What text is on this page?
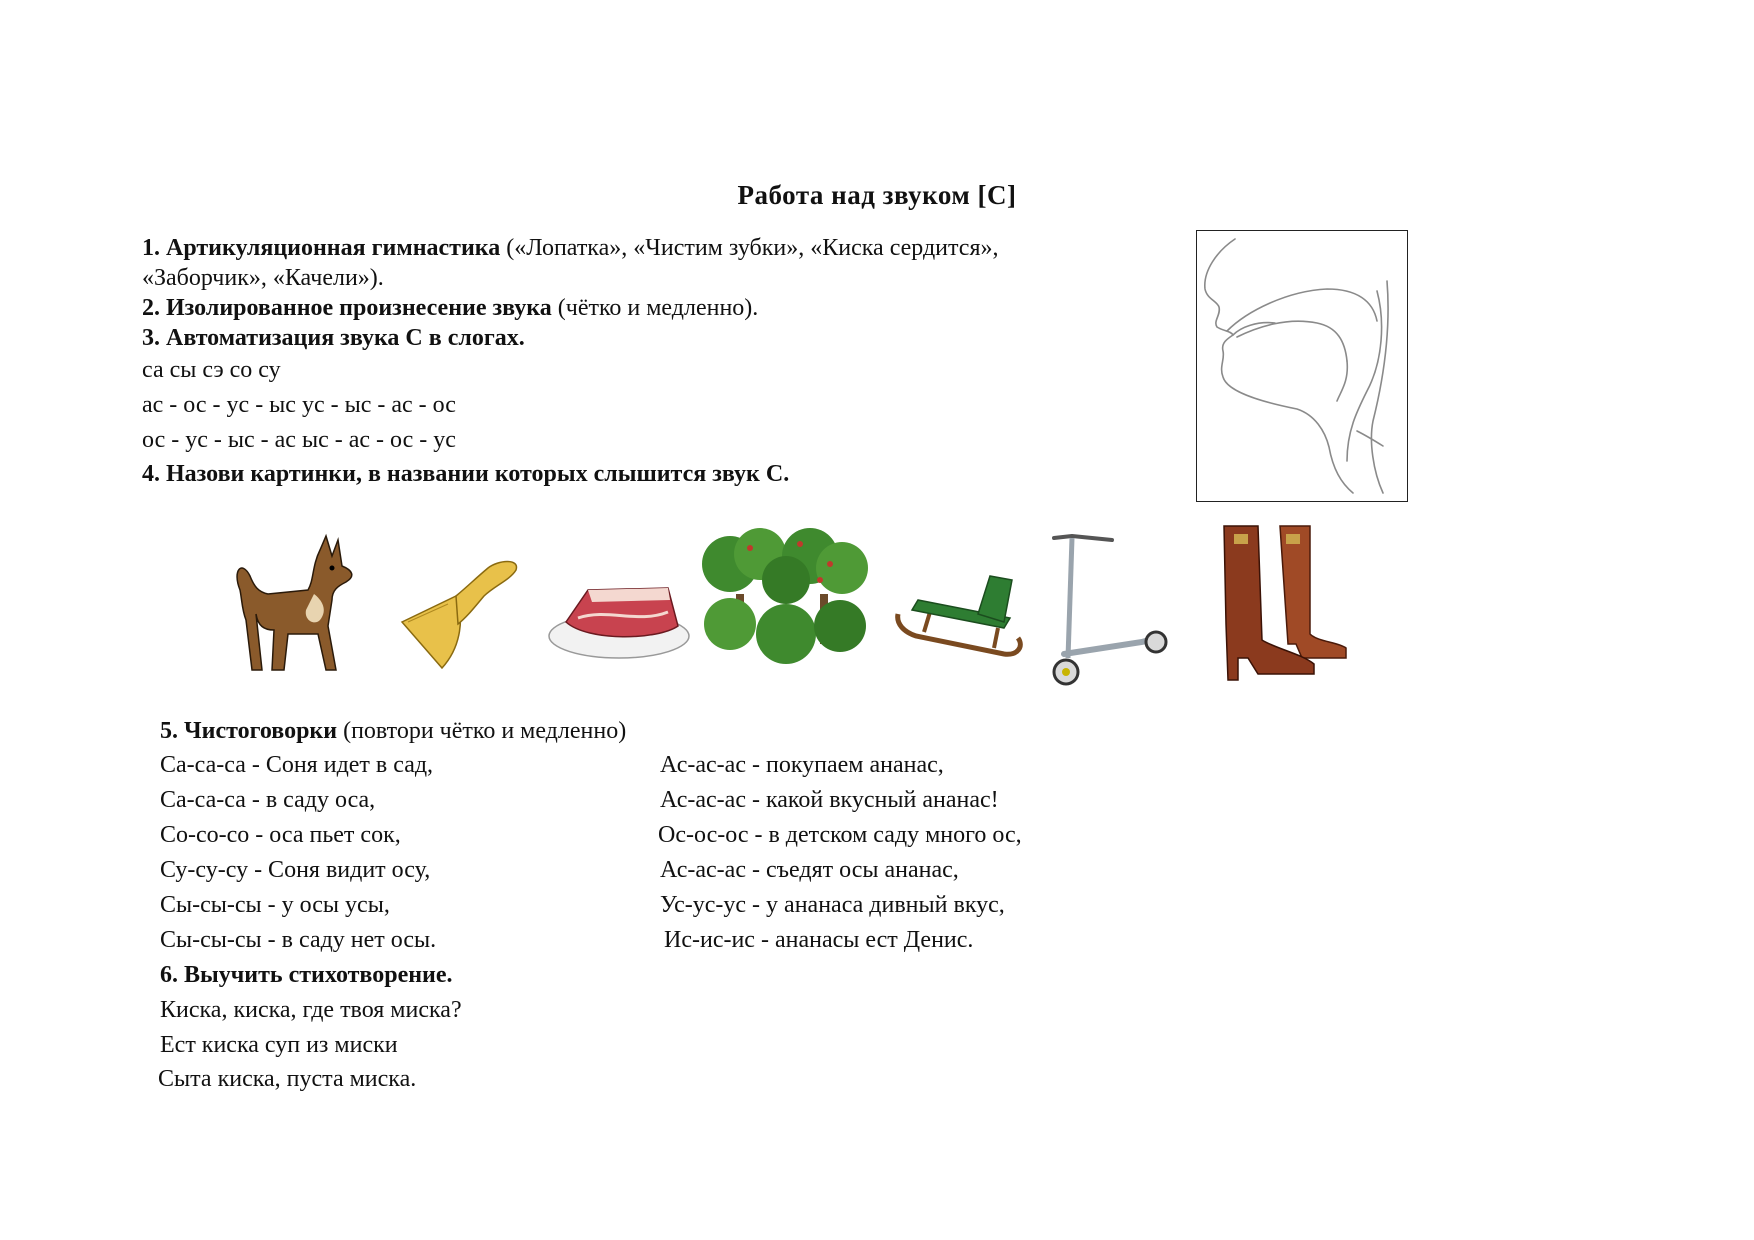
Работа над звуком [С]
1. Артикуляционная гимнастика («Лопатка», «Чистим зубки», «Киска сердится»,
«Заборчик», «Качели»).
2. Изолированное произнесение звука (чётко и медленно).
3. Автоматизация звука С в слогах.
са сы сэ со су
ас - ос - ус - ыс ус - ыс - ас - ос
ос - ус - ыс - ас ыс - ас - ос - ус
4. Назови картинки, в названии которых слышится звук С.
5. Чистоговорки (повтори чётко и медленно)
Са-са-са - Соня идет в сад,
Са-са-са - в саду оса,
Со-со-со - оса пьет сок,
Су-су-су - Соня видит осу,
Сы-сы-сы - у осы усы,
Сы-сы-сы - в саду нет осы.
Ас-ас-ас - покупаем ананас,
Ас-ас-ас - какой вкусный ананас!
Ос-ос-ос - в детском саду много ос,
Ас-ас-ас - съедят осы ананас,
Ус-ус-ус - у ананаса дивный вкус,
Ис-ис-ис - ананасы ест Денис.
6. Выучить стихотворение.
Киска, киска, где твоя миска?
Ест киска суп из миски
Сыта киска, пуста миска.
